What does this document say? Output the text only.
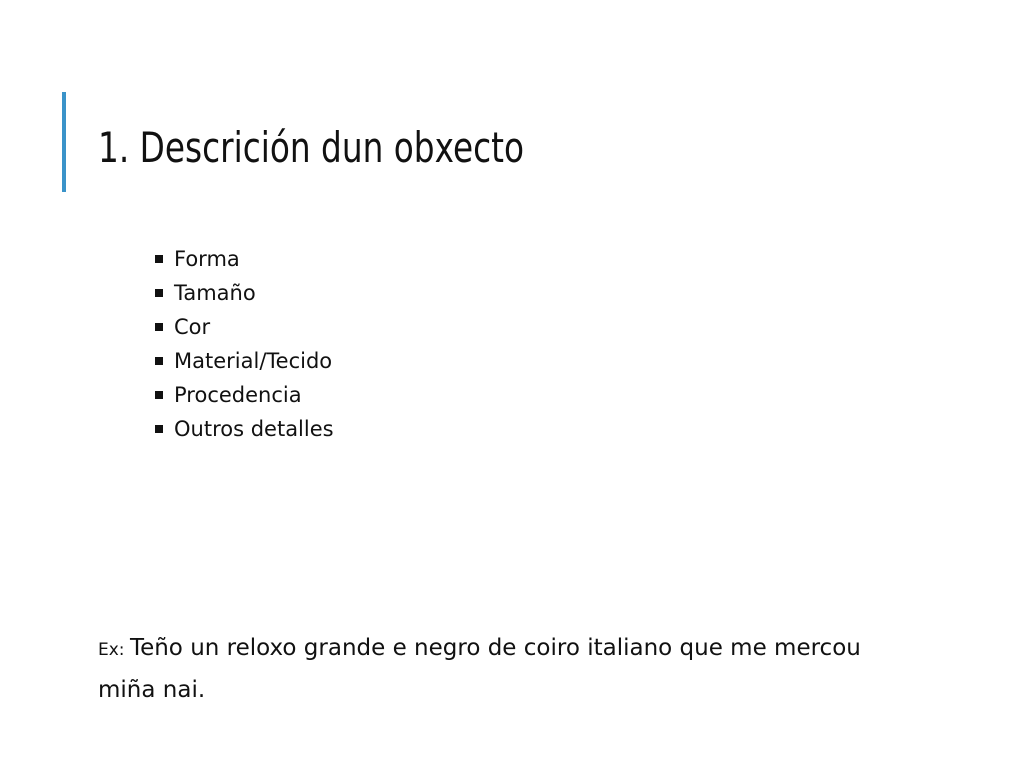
1. Descrición dun obxecto
Forma
Tamaño
Cor
Material/Tecido
Procedencia
Outros detalles

Ex: Teño un reloxo grande e negro de coiro italiano que me mercou miña nai.
